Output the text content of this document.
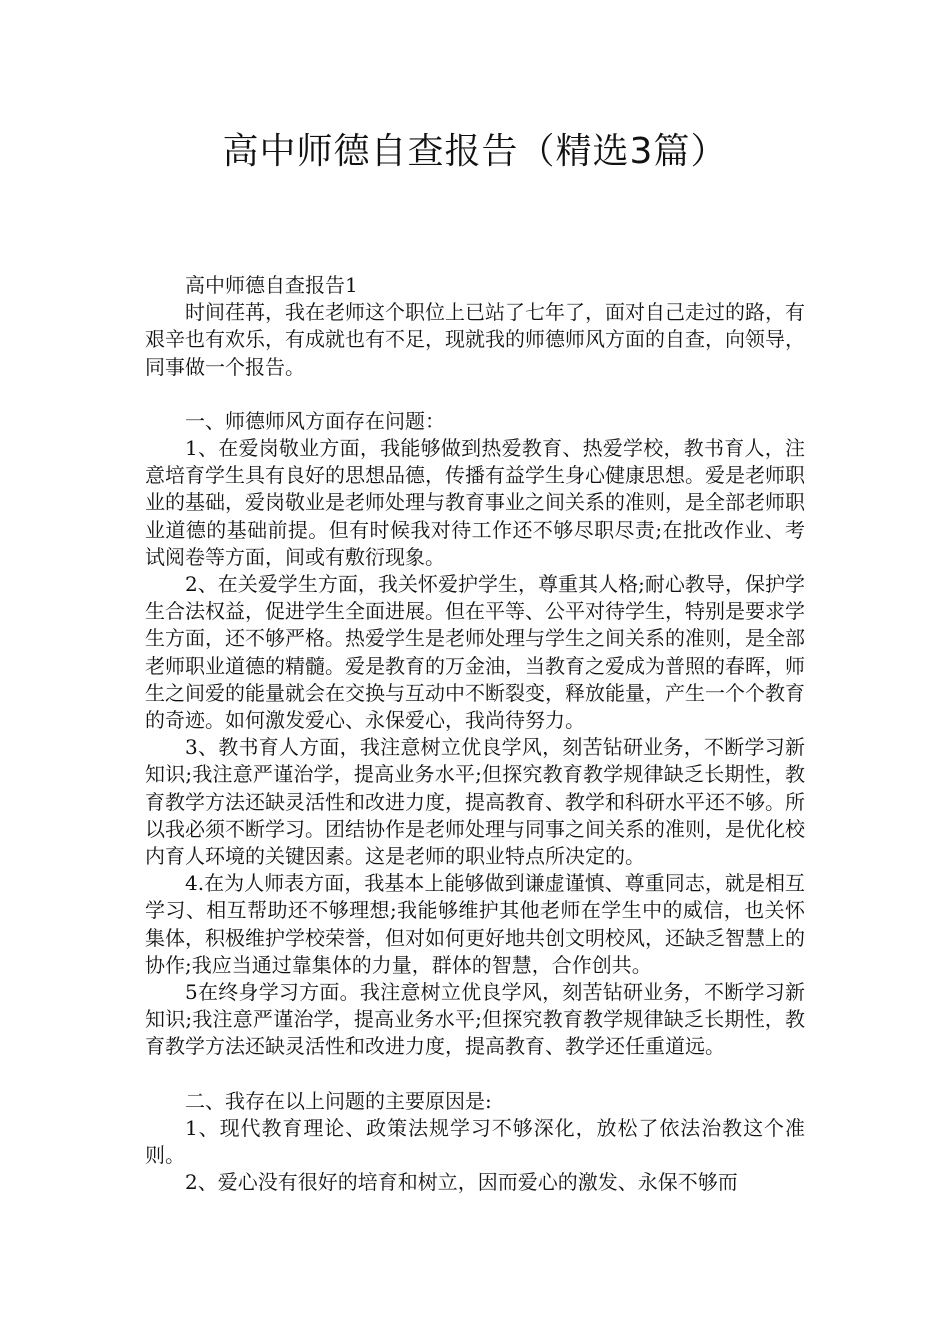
高中师德自查报告（精选3篇）

高中师德自查报告1

时间荏苒，我在老师这个职位上已站了七年了，面对自己走过的路，有艰辛也有欢乐，有成就也有不足，现就我的师德师风方面的自查，向领导，同事做一个报告。

一、师德师风方面存在问题：

1、在爱岗敬业方面，我能够做到热爱教育、热爱学校，教书育人，注意培育学生具有良好的思想品德，传播有益学生身心健康思想。爱是老师职业的基础，爱岗敬业是老师处理与教育事业之间关系的准则，是全部老师职业道德的基础前提。但有时候我对待工作还不够尽职尽责;在批改作业、考试阅卷等方面，间或有敷衍现象。

2、在关爱学生方面，我关怀爱护学生，尊重其人格;耐心教导，保护学生合法权益，促进学生全面进展。但在平等、公平对待学生，特别是要求学生方面，还不够严格。热爱学生是老师处理与学生之间关系的准则，是全部老师职业道德的精髓。爱是教育的万金油，当教育之爱成为普照的春晖，师生之间爱的能量就会在交换与互动中不断裂变，释放能量，产生一个个教育的奇迹。如何激发爱心、永保爱心，我尚待努力。

3、教书育人方面，我注意树立优良学风，刻苦钻研业务，不断学习新知识;我注意严谨治学，提高业务水平;但探究教育教学规律缺乏长期性，教育教学方法还缺灵活性和改进力度，提高教育、教学和科研水平还不够。所以我必须不断学习。团结协作是老师处理与同事之间关系的准则，是优化校内育人环境的关键因素。这是老师的职业特点所决定的。

4.在为人师表方面，我基本上能够做到谦虚谨慎、尊重同志，就是相互学习、相互帮助还不够理想;我能够维护其他老师在学生中的威信，也关怀集体，积极维护学校荣誉，但对如何更好地共创文明校风，还缺乏智慧上的协作;我应当通过靠集体的力量，群体的智慧，合作创共。

5在终身学习方面。我注意树立优良学风，刻苦钻研业务，不断学习新知识;我注意严谨治学，提高业务水平;但探究教育教学规律缺乏长期性，教育教学方法还缺灵活性和改进力度，提高教育、教学还任重道远。

二、我存在以上问题的主要原因是:

1、现代教育理论、政策法规学习不够深化，放松了依法治教这个准则。

2、爱心没有很好的培育和树立，因而爱心的激发、永保不够而
